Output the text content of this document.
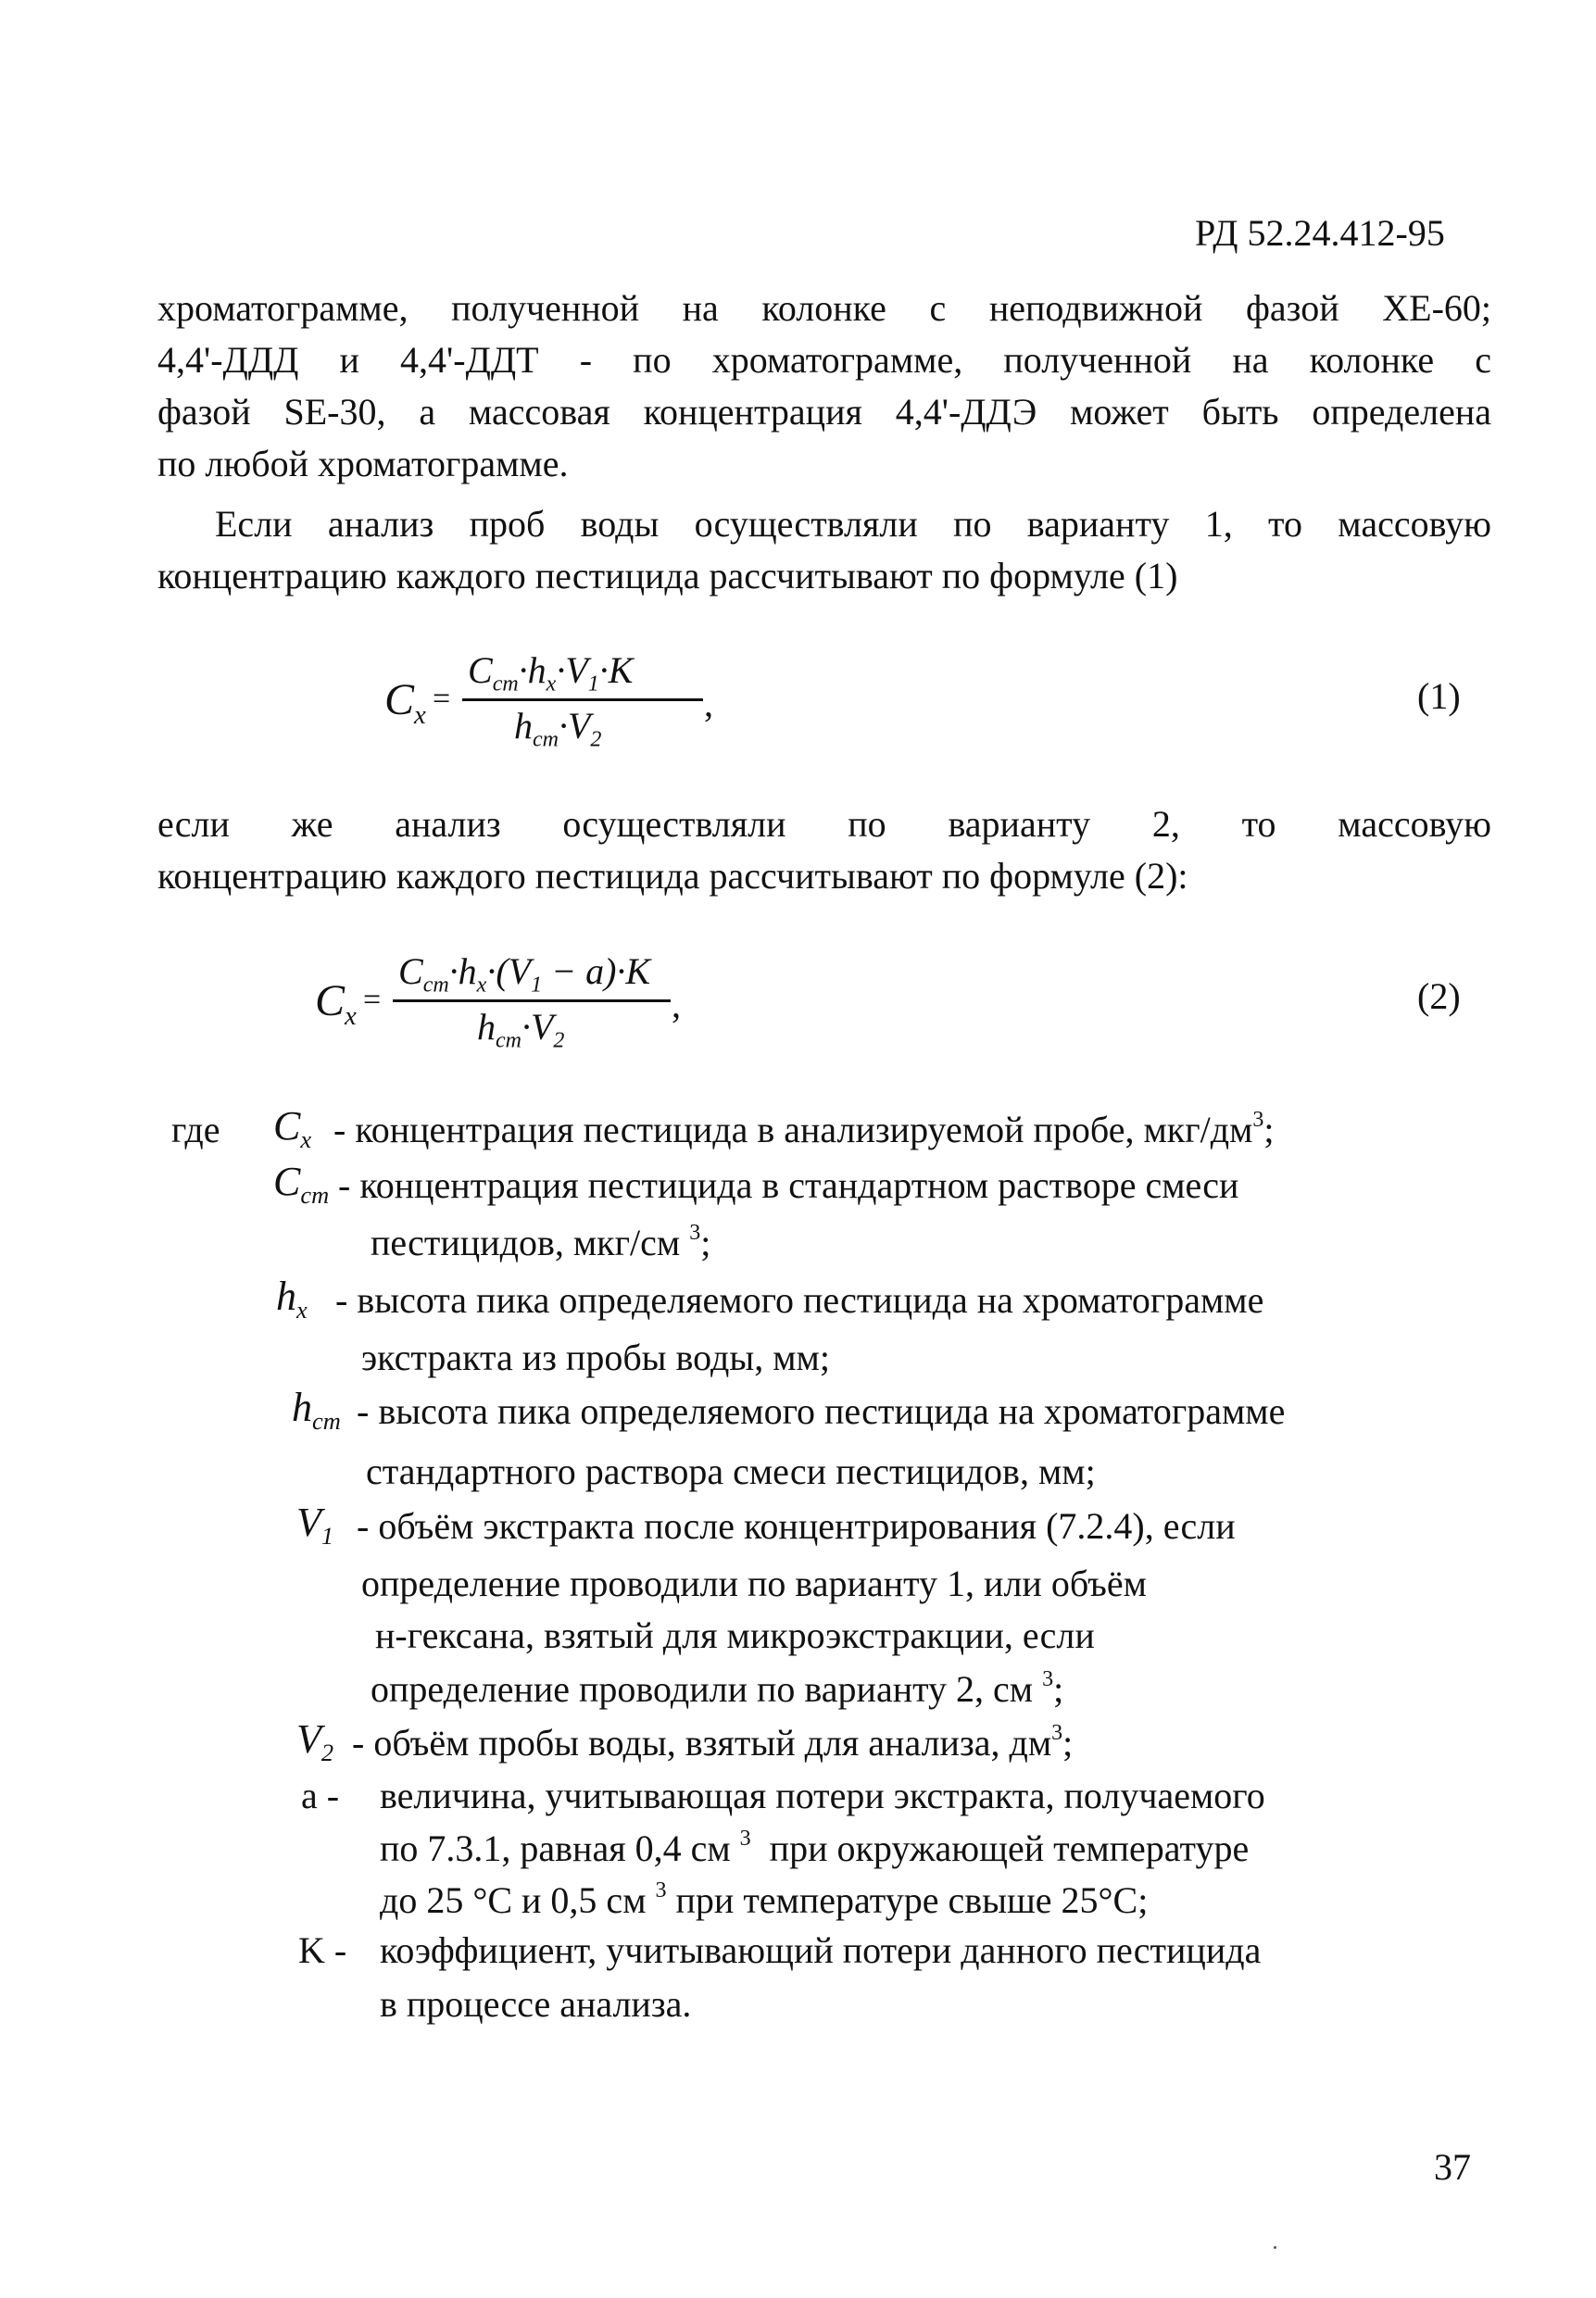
РД 52.24.412-95
хроматограмме, полученной на колонке с неподвижной фазой XE-60;
4,4'-ДДД и 4,4'-ДДТ - по хроматограмме, полученной на колонке с
фазой SE-30, а массовая концентрация 4,4'-ДДЭ может быть определена
по любой хроматограмме.
Если анализ проб воды осуществляли по варианту 1, то массовую
концентрацию каждого пестицида рассчитывают по формуле (1)
$C_x$ =
$C_{ст}\cdot h_x\cdot V_1\cdot K$
$h_{ст}\cdot V_2$
,	(1)
если же анализ осуществляли по варианту 2, то массовую
концентрацию каждого пестицида рассчитывают по формуле (2):
$C_x$ =
$C_{ст}\cdot h_x\cdot(V_1 - a)\cdot K$
$h_{ст}\cdot V_2$
,	(2)
где $C_x$ - концентрация пестицида в анализируемой пробе, мкг/$дм^3$;
$C_{ст}$ - концентрация пестицида в стандартном растворе смеси
пестицидов, мкг/см $^3$;
$h_x$ - высота пика определяемого пестицида на хроматограмме
экстракта из пробы воды, мм;
$h_{ст}$ - высота пика определяемого пестицида на хроматограмме
стандартного раствора смеси пестицидов, мм;
$V_1$ - объём экстракта после концентрирования (7.2.4), если
определение проводили по варианту 1, или объём
н-гексана, взятый для микроэкстракции, если
определение проводили по варианту 2, см $^3$;
$V_2$ - объём пробы воды, взятый для анализа, $дм^3$;
a - величина, учитывающая потери экстракта, получаемого
по 7.3.1, равная 0,4 см $^3$ при окружающей температуре
до 25 °C и 0,5 см $^3$ при температуре свыше 25°C;
K - коэффициент, учитывающий потери данного пестицида
в процессе анализа.
37
